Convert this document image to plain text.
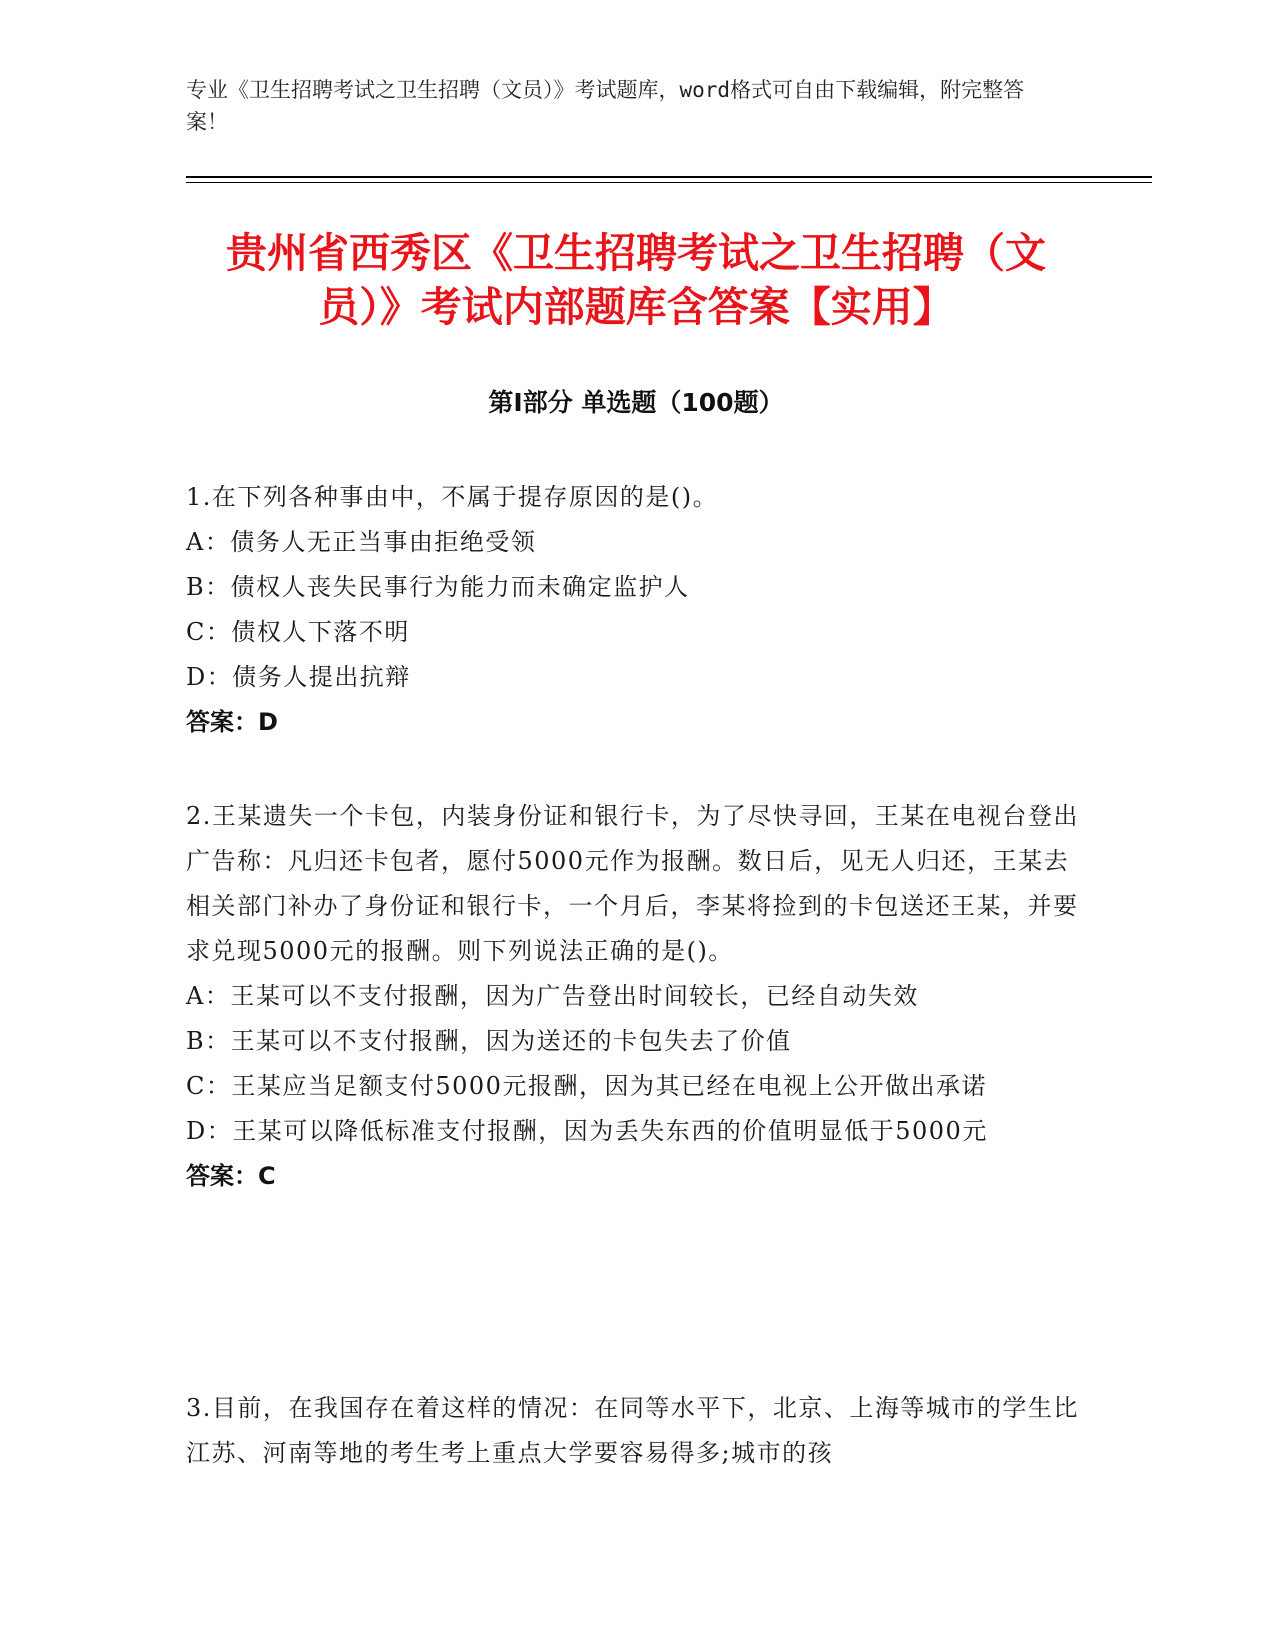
专业《卫生招聘考试之卫生招聘（文员）》考试题库，word格式可自由下载编辑，附完整答案！
贵州省西秀区《卫生招聘考试之卫生招聘（文员）》考试内部题库含答案【实用】
第Ⅰ部分 单选题（100题）
1.在下列各种事由中，不属于提存原因的是()。
A：债务人无正当事由拒绝受领
B：债权人丧失民事行为能力而未确定监护人
C：债权人下落不明
D：债务人提出抗辩
答案：D
2.王某遗失一个卡包，内装身份证和银行卡，为了尽快寻回，王某在电视台登出广告称：凡归还卡包者，愿付5000元作为报酬。数日后，见无人归还，王某去相关部门补办了身份证和银行卡，一个月后，李某将捡到的卡包送还王某，并要求兑现5000元的报酬。则下列说法正确的是()。
A：王某可以不支付报酬，因为广告登出时间较长，已经自动失效
B：王某可以不支付报酬，因为送还的卡包失去了价值
C：王某应当足额支付5000元报酬，因为其已经在电视上公开做出承诺
D：王某可以降低标准支付报酬，因为丢失东西的价值明显低于5000元
答案：C
3.目前，在我国存在着这样的情况：在同等水平下，北京、上海等城市的学生比江苏、河南等地的考生考上重点大学要容易得多;城市的孩
